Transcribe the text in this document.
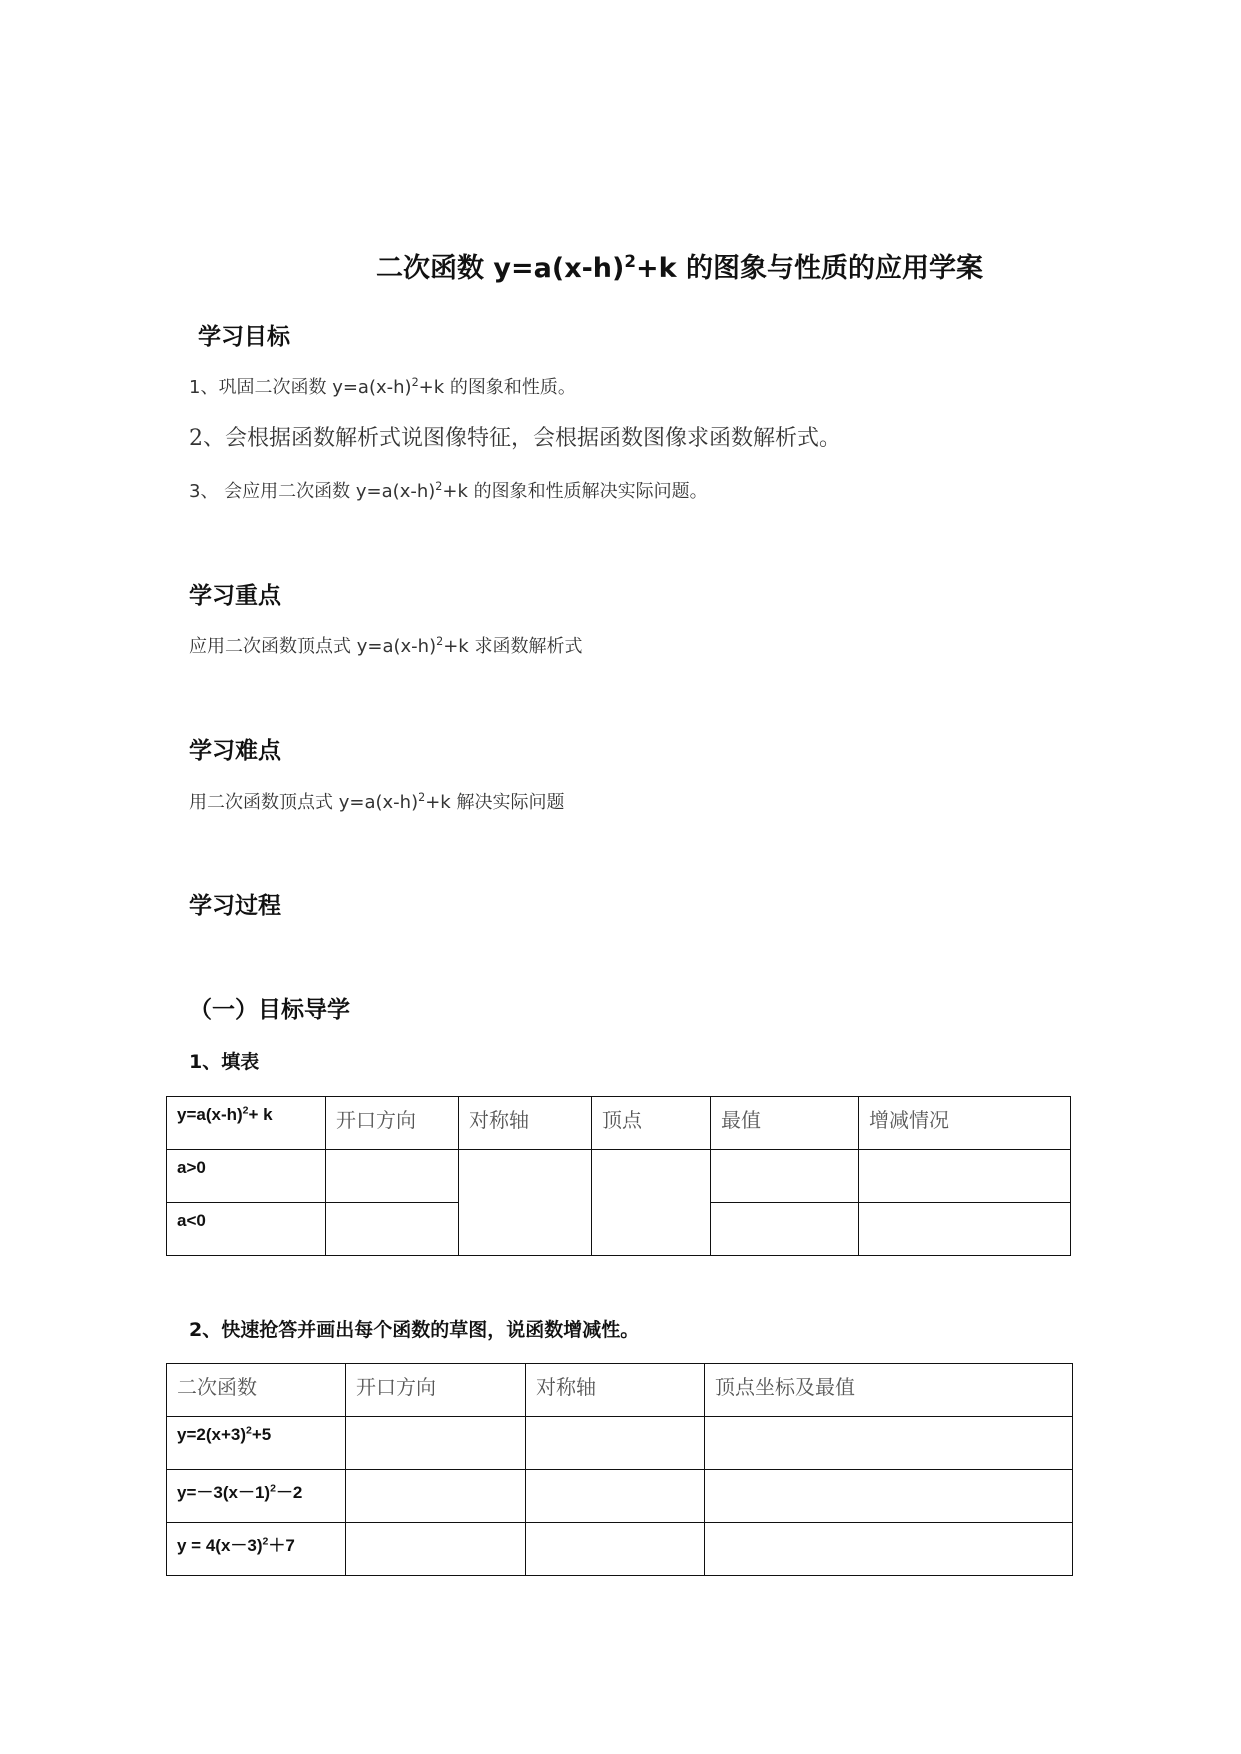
二次函数 $y=a(x-h)^2+k$ 的图象与性质的应用学案
学习目标
1、巩固二次函数 $y=a(x-h)^2+k$ 的图象和性质。
2、会根据函数解析式说图像特征，会根据函数图像求函数解析式。
3、 会应用二次函数 $y=a(x-h)^2+k$ 的图象和性质解决实际问题。
学习重点
应用二次函数顶点式 $y=a(x-h)^2+k$ 求函数解析式
学习难点
用二次函数顶点式 $y=a(x-h)^2+k$ 解决实际问题
学习过程
（一）目标导学
1、填表
$y=a(x-h)^2+ k$	开口方向	对称轴	顶点	最值	增减情况
a>0					
a<0					
2、快速抢答并画出每个函数的草图，说函数增减性。
二次函数	开口方向	对称轴	顶点坐标及最值
$y=2(x+3)^2+5$			
$y=-3(x-1)^2-2$			
$y = 4(x-3)^2+7$			
